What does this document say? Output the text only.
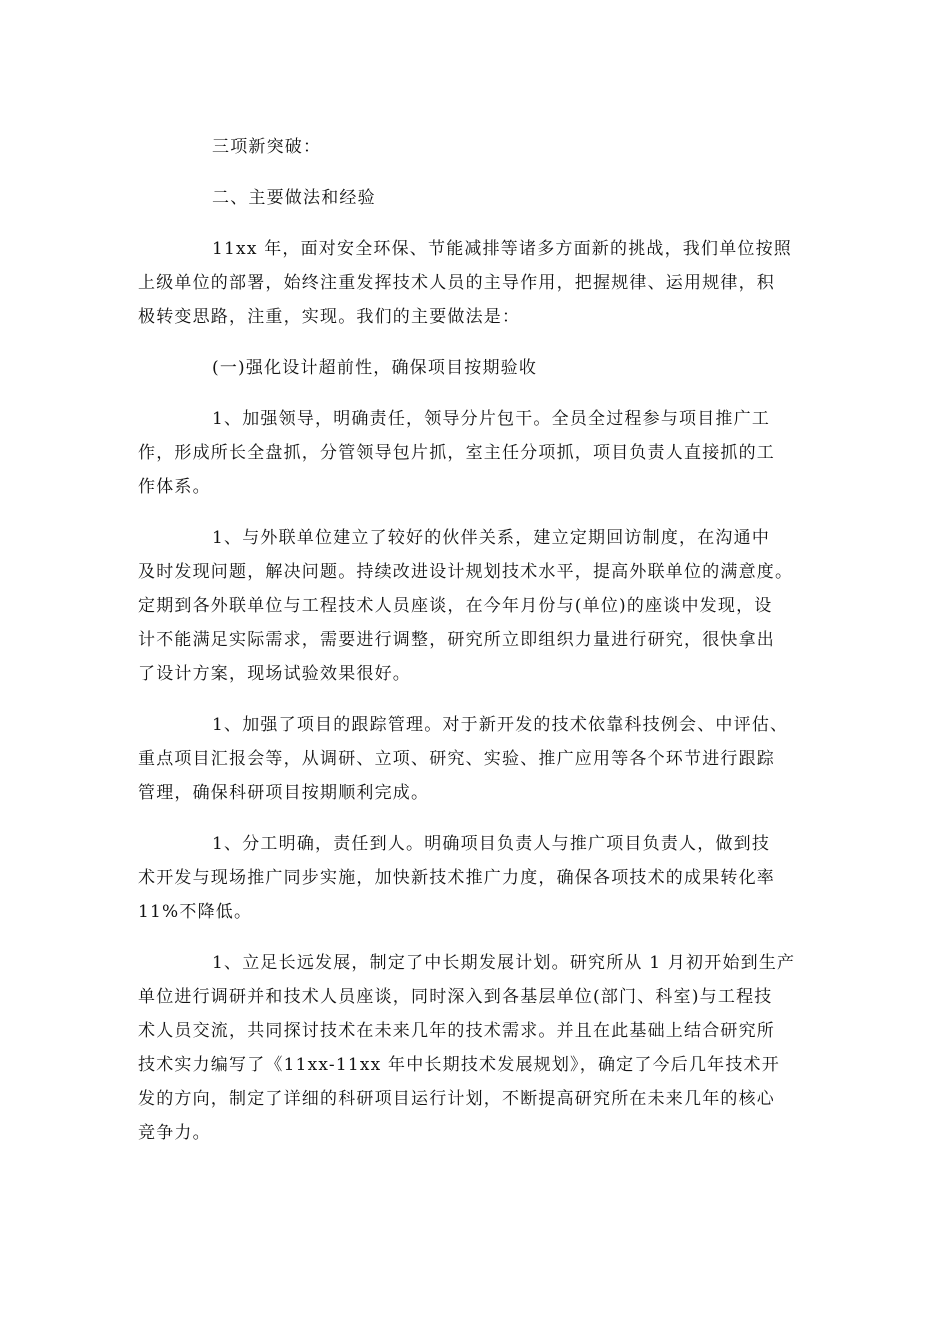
三项新突破：
二、主要做法和经验
11xx 年，面对安全环保、节能减排等诸多方面新的挑战，我们单位按照
上级单位的部署，始终注重发挥技术人员的主导作用，把握规律、运用规律，积
极转变思路，注重，实现。我们的主要做法是：
(一)强化设计超前性，确保项目按期验收
1、加强领导，明确责任，领导分片包干。全员全过程参与项目推广工
作，形成所长全盘抓，分管领导包片抓，室主任分项抓，项目负责人直接抓的工
作体系。
1、与外联单位建立了较好的伙伴关系，建立定期回访制度，在沟通中
及时发现问题，解决问题。持续改进设计规划技术水平，提高外联单位的满意度。
定期到各外联单位与工程技术人员座谈，在今年月份与(单位)的座谈中发现，设
计不能满足实际需求，需要进行调整，研究所立即组织力量进行研究，很快拿出
了设计方案，现场试验效果很好。
1、加强了项目的跟踪管理。对于新开发的技术依靠科技例会、中评估、
重点项目汇报会等，从调研、立项、研究、实验、推广应用等各个环节进行跟踪
管理，确保科研项目按期顺利完成。
1、分工明确，责任到人。明确项目负责人与推广项目负责人，做到技
术开发与现场推广同步实施，加快新技术推广力度，确保各项技术的成果转化率
11%不降低。
1、立足长远发展，制定了中长期发展计划。研究所从 1 月初开始到生产
单位进行调研并和技术人员座谈，同时深入到各基层单位(部门、科室)与工程技
术人员交流，共同探讨技术在未来几年的技术需求。并且在此基础上结合研究所
技术实力编写了《11xx-11xx 年中长期技术发展规划》，确定了今后几年技术开
发的方向，制定了详细的科研项目运行计划，不断提高研究所在未来几年的核心
竞争力。
